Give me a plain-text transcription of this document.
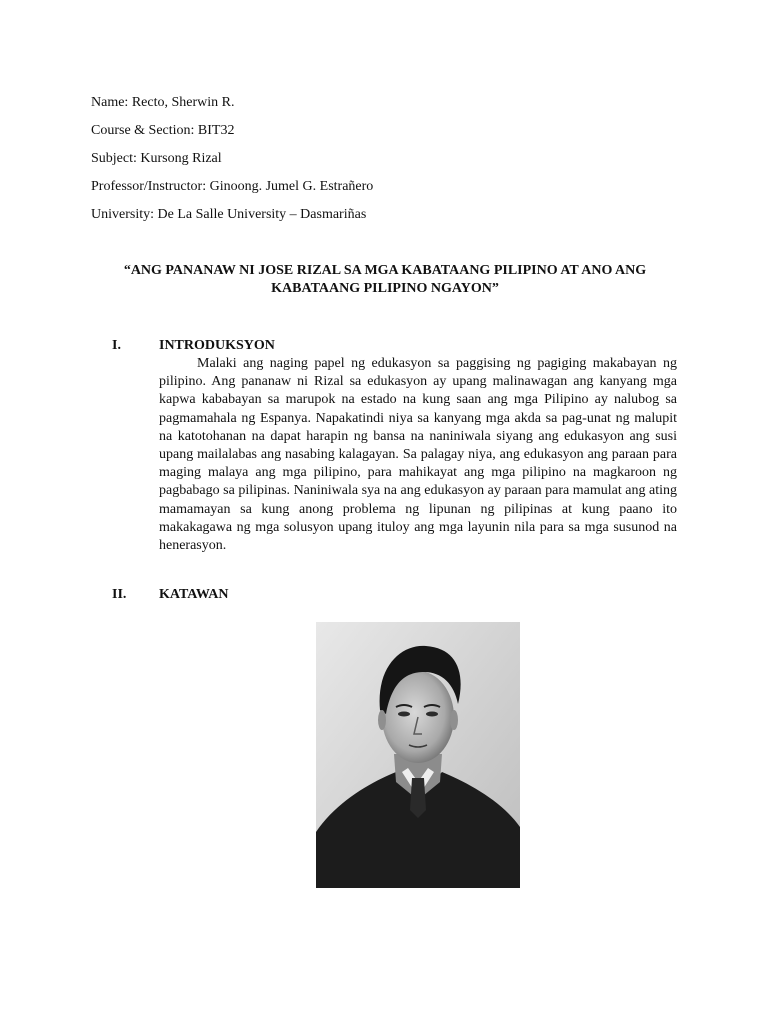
Name: Recto, Sherwin R.
Course & Section: BIT32
Subject: Kursong Rizal
Professor/Instructor: Ginoong. Jumel G. Estrañero
University: De La Salle University – Dasmariñas
“ANG PANANAW NI JOSE RIZAL SA MGA KABATAANG PILIPINO AT ANO ANG KABATAANG PILIPINO NGAYON”
I.	INTRODUKSYON
Malaki ang naging papel ng edukasyon sa paggising ng pagiging makabayan ng pilipino. Ang pananaw ni Rizal sa edukasyon ay upang malinawagan ang kanyang mga kapwa kababayan sa marupok na estado na kung saan ang mga Pilipino ay nalubog sa pagmamahala ng Espanya. Napakatindi niya sa kanyang mga akda sa pag-unat ng malupit na katotohanan na dapat harapin ng bansa na naniniwala siyang ang edukasyon ang susi upang mailalabas ang nasabing kalagayan. Sa palagay niya, ang edukasyon ang paraan para maging malaya ang mga pilipino, para mahikayat ang mga pilipino na magkaroon ng pagbabago sa pilipinas. Naniniwala sya na ang edukasyon ay paraan para mamulat ang ating mamamayan sa kung anong problema ng lipunan ng pilipinas at kung paano ito makakagawa ng mga solusyon upang ituloy ang mga layunin nila para sa mga susunod na henerasyon.
II. KATAWAN
